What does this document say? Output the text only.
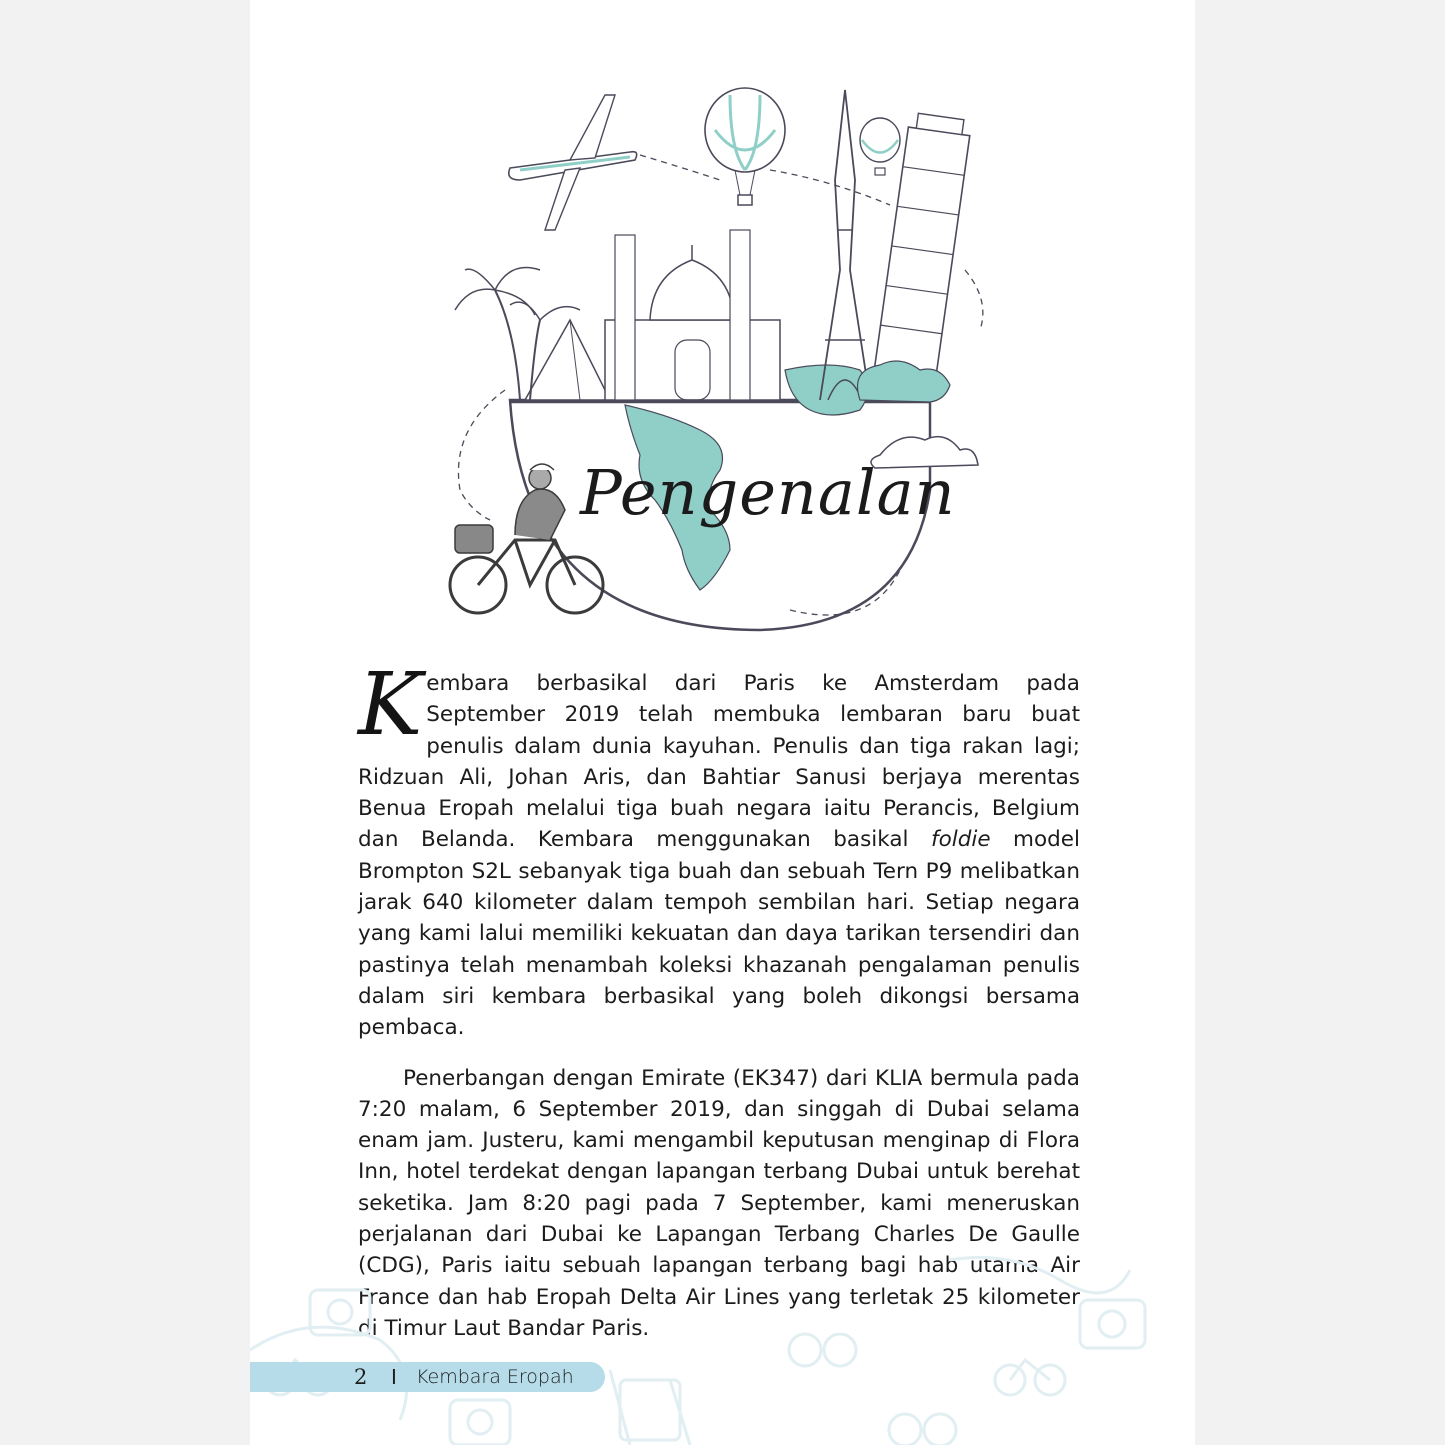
Pengenalan

Kembara berbasikal dari Paris ke Amsterdam pada September 2019 telah membuka lembaran baru buat penulis dalam dunia kayuhan. Penulis dan tiga rakan lagi; Ridzuan Ali, Johan Aris, dan Bahtiar Sanusi berjaya merentas Benua Eropah melalui tiga buah negara iaitu Perancis, Belgium dan Belanda. Kembara menggunakan basikal foldie model Brompton S2L sebanyak tiga buah dan sebuah Tern P9 melibatkan jarak 640 kilometer dalam tempoh sembilan hari. Setiap negara yang kami lalui memiliki kekuatan dan daya tarikan tersendiri dan pastinya telah menambah koleksi khazanah pengalaman penulis dalam siri kembara berbasikal yang boleh dikongsi bersama pembaca.

Penerbangan dengan Emirate (EK347) dari KLIA bermula pada 7:20 malam, 6 September 2019, dan singgah di Dubai selama enam jam. Justeru, kami mengambil keputusan menginap di Flora Inn, hotel terdekat dengan lapangan terbang Dubai untuk berehat seketika. Jam 8:20 pagi pada 7 September, kami meneruskan perjalanan dari Dubai ke Lapangan Terbang Charles De Gaulle (CDG), Paris iaitu sebuah lapangan terbang bagi hab utama Air France dan hab Eropah Delta Air Lines yang terletak 25 kilometer di Timur Laut Bandar Paris.

2 I Kembara Eropah
